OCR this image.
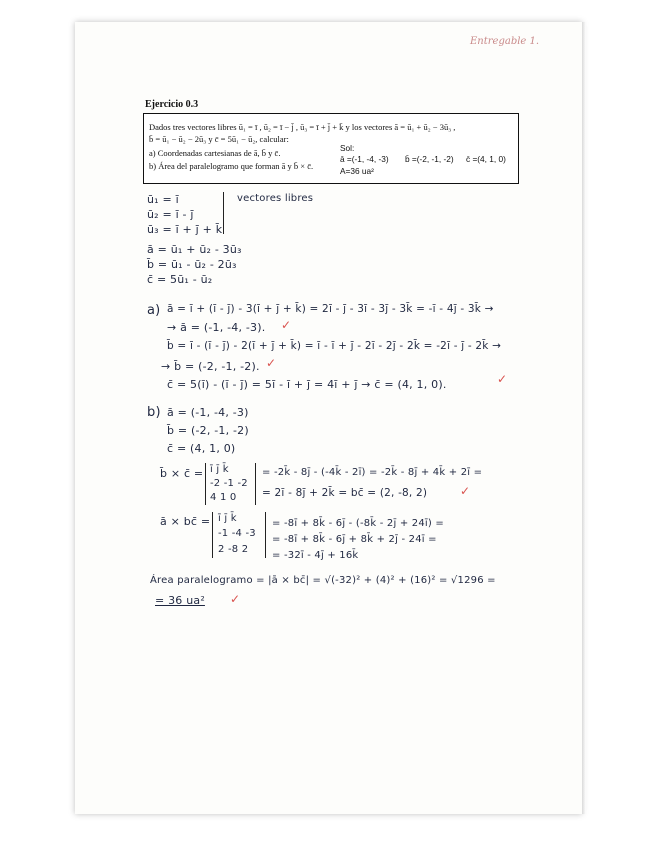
Entregable 1.
Ejercicio 0.3
Dados tres vectores libres ū₁ = ī , ū₂ = ī − j̄ , ū₃ = ī + j̄ + k̄ y los vectores ā = ū₁ + ū₂ − 3ū₃ ,
b̄ = ū₁ − ū₂ − 2ū₃ y c̄ = 5ū₁ − ū₂, calcular:
a) Coordenadas cartesianas de ā, b̄ y c̄.
b) Área del paralelogramo que forman ā y b̄ × c̄.
Sol:
ā =(-1, -4, -3) b̄ =(-2, -1, -2) c̄ =(4, 1, 0)
A=36 ua²
ū₁ = ī
ū₂ = ī - j̄
ū₃ = ī + j̄ + k̄
vectores libres
ā = ū₁ + ū₂ - 3ū₃
b̄ = ū₁ - ū₂ - 2ū₃
c̄ = 5ū₁ - ū₂
a) ā = ī + (ī - j̄) - 3(ī + j̄ + k̄) = 2ī - j̄ - 3ī - 3j̄ - 3k̄ = -ī - 4j̄ - 3k̄ →
→ ā = (-1, -4, -3). ✓
b̄ = ī - (ī - j̄) - 2(ī + j̄ + k̄) = ī - ī + j̄ - 2ī - 2j̄ - 2k̄ = -2ī - j̄ - 2k̄ →
→ b̄ = (-2, -1, -2). ✓
c̄ = 5(ī) - (ī - j̄) = 5ī - ī + j̄ = 4ī + j̄ → c̄ = (4, 1, 0).	✓
b) ā = (-1, -4, -3)
b̄ = (-2, -1, -2)
c̄ = (4, 1, 0)
b̄ × c̄ = ī j̄ k̄
-2 -1 -2
4 1 0
= -2k̄ - 8j̄ - (-4k̄ - 2ī) = -2k̄ - 8j̄ + 4k̄ + 2ī =
= 2ī - 8j̄ + 2k̄ = bc̄ = (2, -8, 2)	✓
ā × bc̄ = ī j̄ k̄
-1 -4 -3
2 -8 2
= -8ī + 8k̄ - 6j̄ - (-8k̄ - 2j̄ + 24ī) =
= -8ī + 8k̄ - 6j̄ + 8k̄ + 2j̄ - 24ī =
= -32ī - 4j̄ + 16k̄
Área paralelogramo = |ā × bc̄| = √(-32)² + (4)² + (16)² = √1296 =
= 36 ua² ✓
